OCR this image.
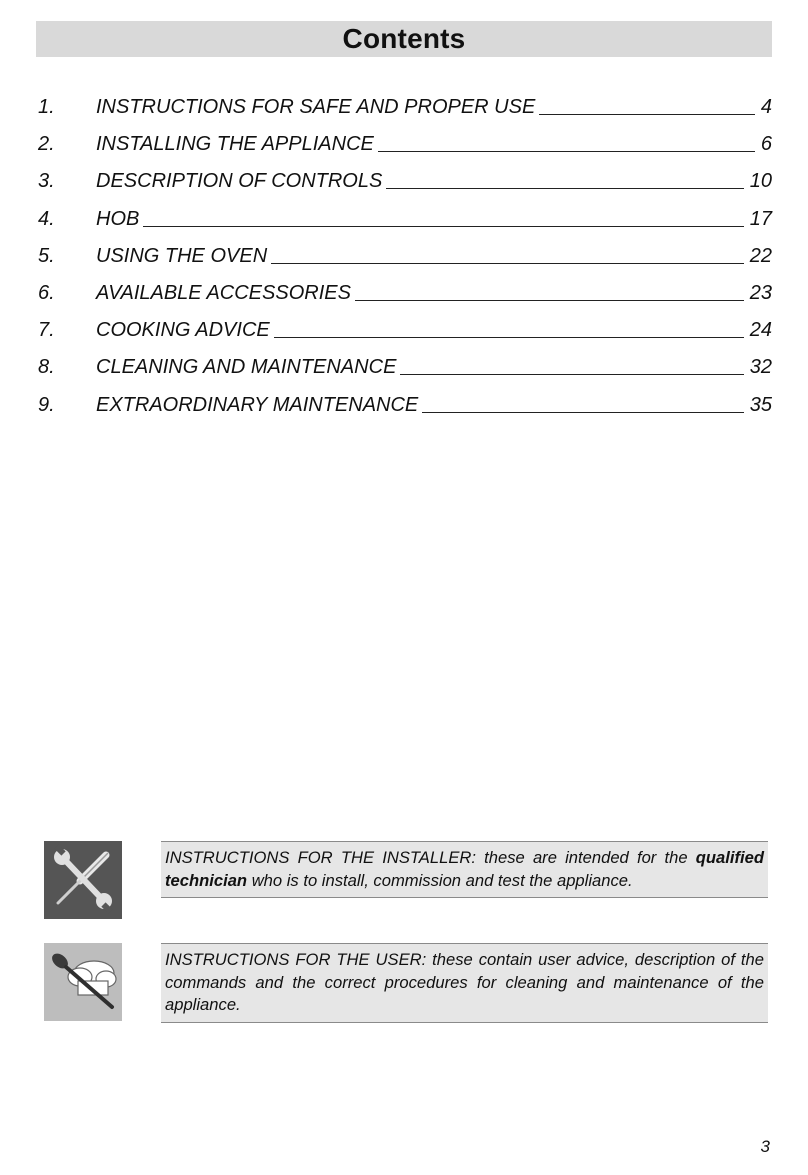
Contents
1.	INSTRUCTIONS FOR SAFE AND PROPER USE	4
2.	INSTALLING THE APPLIANCE	6
3.	DESCRIPTION OF CONTROLS	10
4.	HOB	17
5.	USING THE OVEN	22
6.	AVAILABLE ACCESSORIES	23
7.	COOKING ADVICE	24
8.	CLEANING AND MAINTENANCE	32
9.	EXTRAORDINARY MAINTENANCE	35
INSTRUCTIONS FOR THE INSTALLER: these are intended for the qualified technician who is to install, commission and test the appliance.
INSTRUCTIONS FOR THE USER: these contain user advice, description of the commands and the correct procedures for cleaning and maintenance of the appliance.
3
